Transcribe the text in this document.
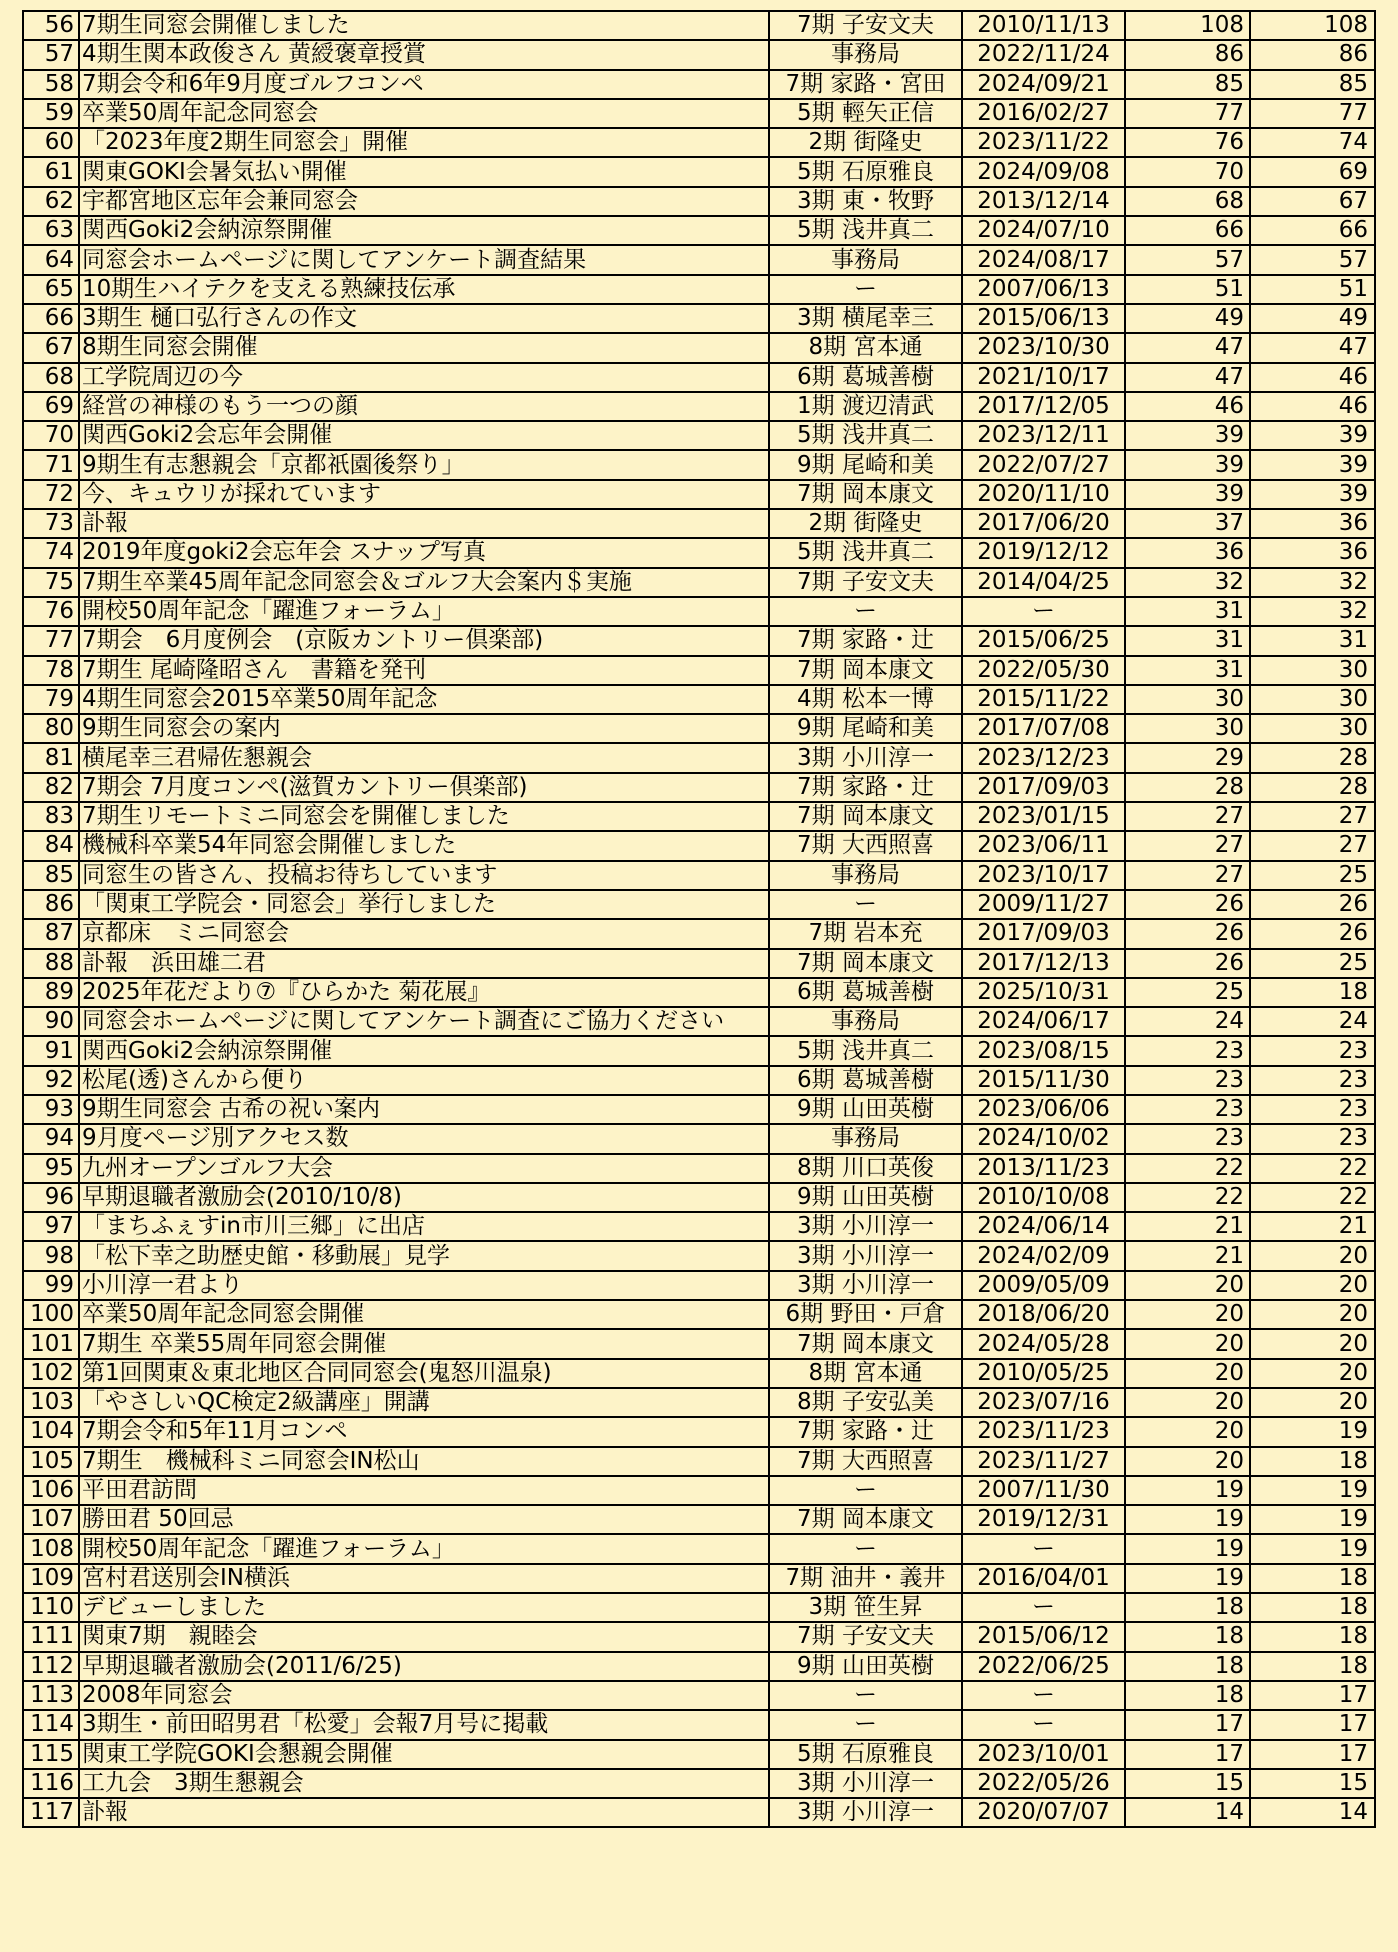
56	7期生同窓会開催しました	7期 子安文夫	2010/11/13	108	108
57	4期生関本政俊さん 黄綬褒章授賞	事務局	2022/11/24	86	86
58	7期会令和6年9月度ゴルフコンペ	7期 家路・宮田	2024/09/21	85	85
59	卒業50周年記念同窓会	5期 輕矢正信	2016/02/27	77	77
60	「2023年度2期生同窓会」開催	2期 街隆史	2023/11/22	76	74
61	関東GOKI会暑気払い開催	5期 石原雅良	2024/09/08	70	69
62	宇都宮地区忘年会兼同窓会	3期 東・牧野	2013/12/14	68	67
63	関西Goki2会納涼祭開催	5期 浅井真二	2024/07/10	66	66
64	同窓会ホームページに関してアンケート調査結果	事務局	2024/08/17	57	57
65	10期生ハイテクを支える熟練技伝承	ー	2007/06/13	51	51
66	3期生 樋口弘行さんの作文	3期 横尾幸三	2015/06/13	49	49
67	8期生同窓会開催	8期 宮本通	2023/10/30	47	47
68	工学院周辺の今	6期 葛城善樹	2021/10/17	47	46
69	経営の神様のもう一つの顔	1期 渡辺清武	2017/12/05	46	46
70	関西Goki2会忘年会開催	5期 浅井真二	2023/12/11	39	39
71	9期生有志懇親会「京都祇園後祭り」	9期 尾崎和美	2022/07/27	39	39
72	今、キュウリが採れています	7期 岡本康文	2020/11/10	39	39
73	訃報	2期 街隆史	2017/06/20	37	36
74	2019年度goki2会忘年会 スナップ写真	5期 浅井真二	2019/12/12	36	36
75	7期生卒業45周年記念同窓会＆ゴルフ大会案内＄実施	7期 子安文夫	2014/04/25	32	32
76	開校50周年記念「躍進フォーラム」	ー	ー	31	32
77	7期会　6月度例会　(京阪カントリー倶楽部)	7期 家路・辻	2015/06/25	31	31
78	7期生 尾崎隆昭さん　書籍を発刊	7期 岡本康文	2022/05/30	31	30
79	4期生同窓会2015卒業50周年記念	4期 松本一博	2015/11/22	30	30
80	9期生同窓会の案内	9期 尾崎和美	2017/07/08	30	30
81	横尾幸三君帰佐懇親会	3期 小川淳一	2023/12/23	29	28
82	7期会 7月度コンペ(滋賀カントリー倶楽部)	7期 家路・辻	2017/09/03	28	28
83	7期生リモートミニ同窓会を開催しました	7期 岡本康文	2023/01/15	27	27
84	機械科卒業54年同窓会開催しました	7期 大西照喜	2023/06/11	27	27
85	同窓生の皆さん、投稿お待ちしています	事務局	2023/10/17	27	25
86	「関東工学院会・同窓会」挙行しました	ー	2009/11/27	26	26
87	京都床　ミニ同窓会	7期 岩本充	2017/09/03	26	26
88	訃報　浜田雄二君	7期 岡本康文	2017/12/13	26	25
89	2025年花だより⑦『ひらかた 菊花展』	6期 葛城善樹	2025/10/31	25	18
90	同窓会ホームページに関してアンケート調査にご協力ください	事務局	2024/06/17	24	24
91	関西Goki2会納涼祭開催	5期 浅井真二	2023/08/15	23	23
92	松尾(透)さんから便り	6期 葛城善樹	2015/11/30	23	23
93	9期生同窓会 古希の祝い案内	9期 山田英樹	2023/06/06	23	23
94	9月度ページ別アクセス数	事務局	2024/10/02	23	23
95	九州オープンゴルフ大会	8期 川口英俊	2013/11/23	22	22
96	早期退職者激励会(2010/10/8)	9期 山田英樹	2010/10/08	22	22
97	「まちふぇすin市川三郷」に出店	3期 小川淳一	2024/06/14	21	21
98	「松下幸之助歴史館・移動展」見学	3期 小川淳一	2024/02/09	21	20
99	小川淳一君より	3期 小川淳一	2009/05/09	20	20
100	卒業50周年記念同窓会開催	6期 野田・戸倉	2018/06/20	20	20
101	7期生 卒業55周年同窓会開催	7期 岡本康文	2024/05/28	20	20
102	第1回関東＆東北地区合同同窓会(鬼怒川温泉)	8期 宮本通	2010/05/25	20	20
103	「やさしいQC検定2級講座」開講	8期 子安弘美	2023/07/16	20	20
104	7期会令和5年11月コンペ	7期 家路・辻	2023/11/23	20	19
105	7期生　機械科ミニ同窓会IN松山	7期 大西照喜	2023/11/27	20	18
106	平田君訪問	ー	2007/11/30	19	19
107	勝田君 50回忌	7期 岡本康文	2019/12/31	19	19
108	開校50周年記念「躍進フォーラム」	ー	ー	19	19
109	宮村君送別会IN横浜	7期 油井・義井	2016/04/01	19	18
110	デビューしました	3期 笹生昇	ー	18	18
111	関東7期　親睦会	7期 子安文夫	2015/06/12	18	18
112	早期退職者激励会(2011/6/25)	9期 山田英樹	2022/06/25	18	18
113	2008年同窓会	ー	ー	18	17
114	3期生・前田昭男君「松愛」会報7月号に掲載	ー	ー	17	17
115	関東工学院GOKI会懇親会開催	5期 石原雅良	2023/10/01	17	17
116	工九会　3期生懇親会	3期 小川淳一	2022/05/26	15	15
117	訃報	3期 小川淳一	2020/07/07	14	14
